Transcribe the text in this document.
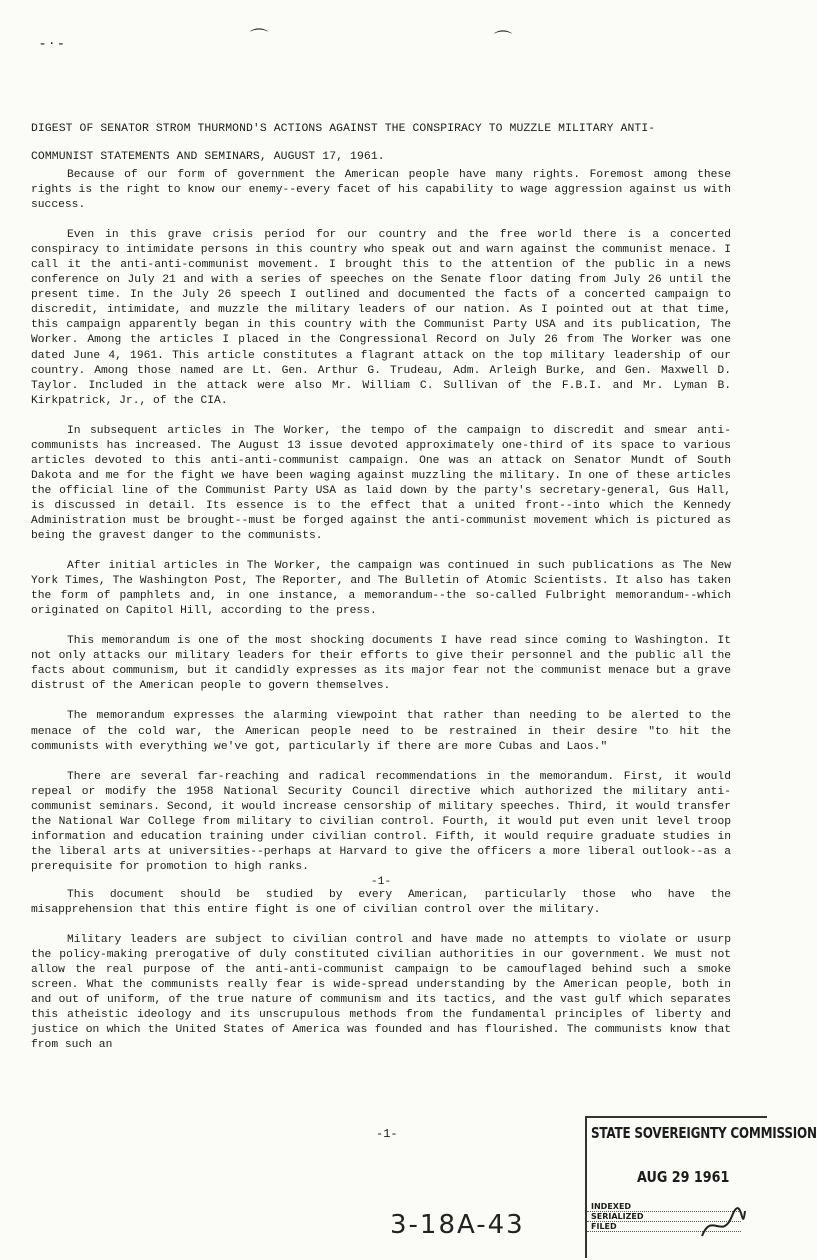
- · -	⌒	⌒

DIGEST OF SENATOR STROM THURMOND'S ACTIONS AGAINST THE CONSPIRACY TO MUZZLE MILITARY ANTI-

COMMUNIST STATEMENTS AND SEMINARS, AUGUST 17, 1961.

Because of our form of government the American people have many rights. Foremost among these rights is the right to know our enemy--every facet of his capability to wage aggression against us with success.

Even in this grave crisis period for our country and the free world there is a concerted conspiracy to intimidate persons in this country who speak out and warn against the communist menace. I call it the anti-anti-communist movement. I brought this to the attention of the public in a news conference on July 21 and with a series of speeches on the Senate floor dating from July 26 until the present time. In the July 26 speech I outlined and documented the facts of a concerted campaign to discredit, intimidate, and muzzle the military leaders of our nation. As I pointed out at that time, this campaign apparently began in this country with the Communist Party USA and its publication, The Worker. Among the articles I placed in the Congressional Record on July 26 from The Worker was one dated June 4, 1961. This article constitutes a flagrant attack on the top military leadership of our country. Among those named are Lt. Gen. Arthur G. Trudeau, Adm. Arleigh Burke, and Gen. Maxwell D. Taylor. Included in the attack were also Mr. William C. Sullivan of the F.B.I. and Mr. Lyman B. Kirkpatrick, Jr., of the CIA.

In subsequent articles in The Worker, the tempo of the campaign to discredit and smear anti-communists has increased. The August 13 issue devoted approximately one-third of its space to various articles devoted to this anti-anti-communist campaign. One was an attack on Senator Mundt of South Dakota and me for the fight we have been waging against muzzling the military. In one of these articles the official line of the Communist Party USA as laid down by the party's secretary-general, Gus Hall, is discussed in detail. Its essence is to the effect that a united front--into which the Kennedy Administration must be brought--must be forged against the anti-communist movement which is pictured as being the gravest danger to the communists.

After initial articles in The Worker, the campaign was continued in such publications as The New York Times, The Washington Post, The Reporter, and The Bulletin of Atomic Scientists. It also has taken the form of pamphlets and, in one instance, a memorandum--the so-called Fulbright memorandum--which originated on Capitol Hill, according to the press.

This memorandum is one of the most shocking documents I have read since coming to Washington. It not only attacks our military leaders for their efforts to give their personnel and the public all the facts about communism, but it candidly expresses as its major fear not the communist menace but a grave distrust of the American people to govern themselves.

The memorandum expresses the alarming viewpoint that rather than needing to be alerted to the menace of the cold war, the American people need to be restrained in their desire "to hit the communists with everything we've got, particularly if there are more Cubas and Laos."

There are several far-reaching and radical recommendations in the memorandum. First, it would repeal or modify the 1958 National Security Council directive which authorized the military anti-communist seminars. Second, it would increase censorship of military speeches. Third, it would transfer the National War College from military to civilian control. Fourth, it would put even unit level troop information and education training under civilian control. Fifth, it would require graduate studies in the liberal arts at universities--perhaps at Harvard to give the officers a more liberal outlook--as a prerequisite for promotion to high ranks.

-1-

This document should be studied by every American, particularly those who have the misapprehension that this entire fight is one of civilian control over the military.

Military leaders are subject to civilian control and have made no attempts to violate or usurp the policy-making prerogative of duly constituted civilian authorities in our government. We must not allow the real purpose of the anti-anti-communist campaign to be camouflaged behind such a smoke screen. What the communists really fear is wide-spread understanding by the American people, both in and out of uniform, of the true nature of communism and its tactics, and the vast gulf which separates this atheistic ideology and its unscrupulous methods from the fundamental principles of liberty and justice on which the United States of America was founded and has flourished. The communists know that from such an

-1-	STATE SOVEREIGNTY COMMISSION
AUG 29 1961
INDEXED
SERIALIZED
FILED
3-18A-43
